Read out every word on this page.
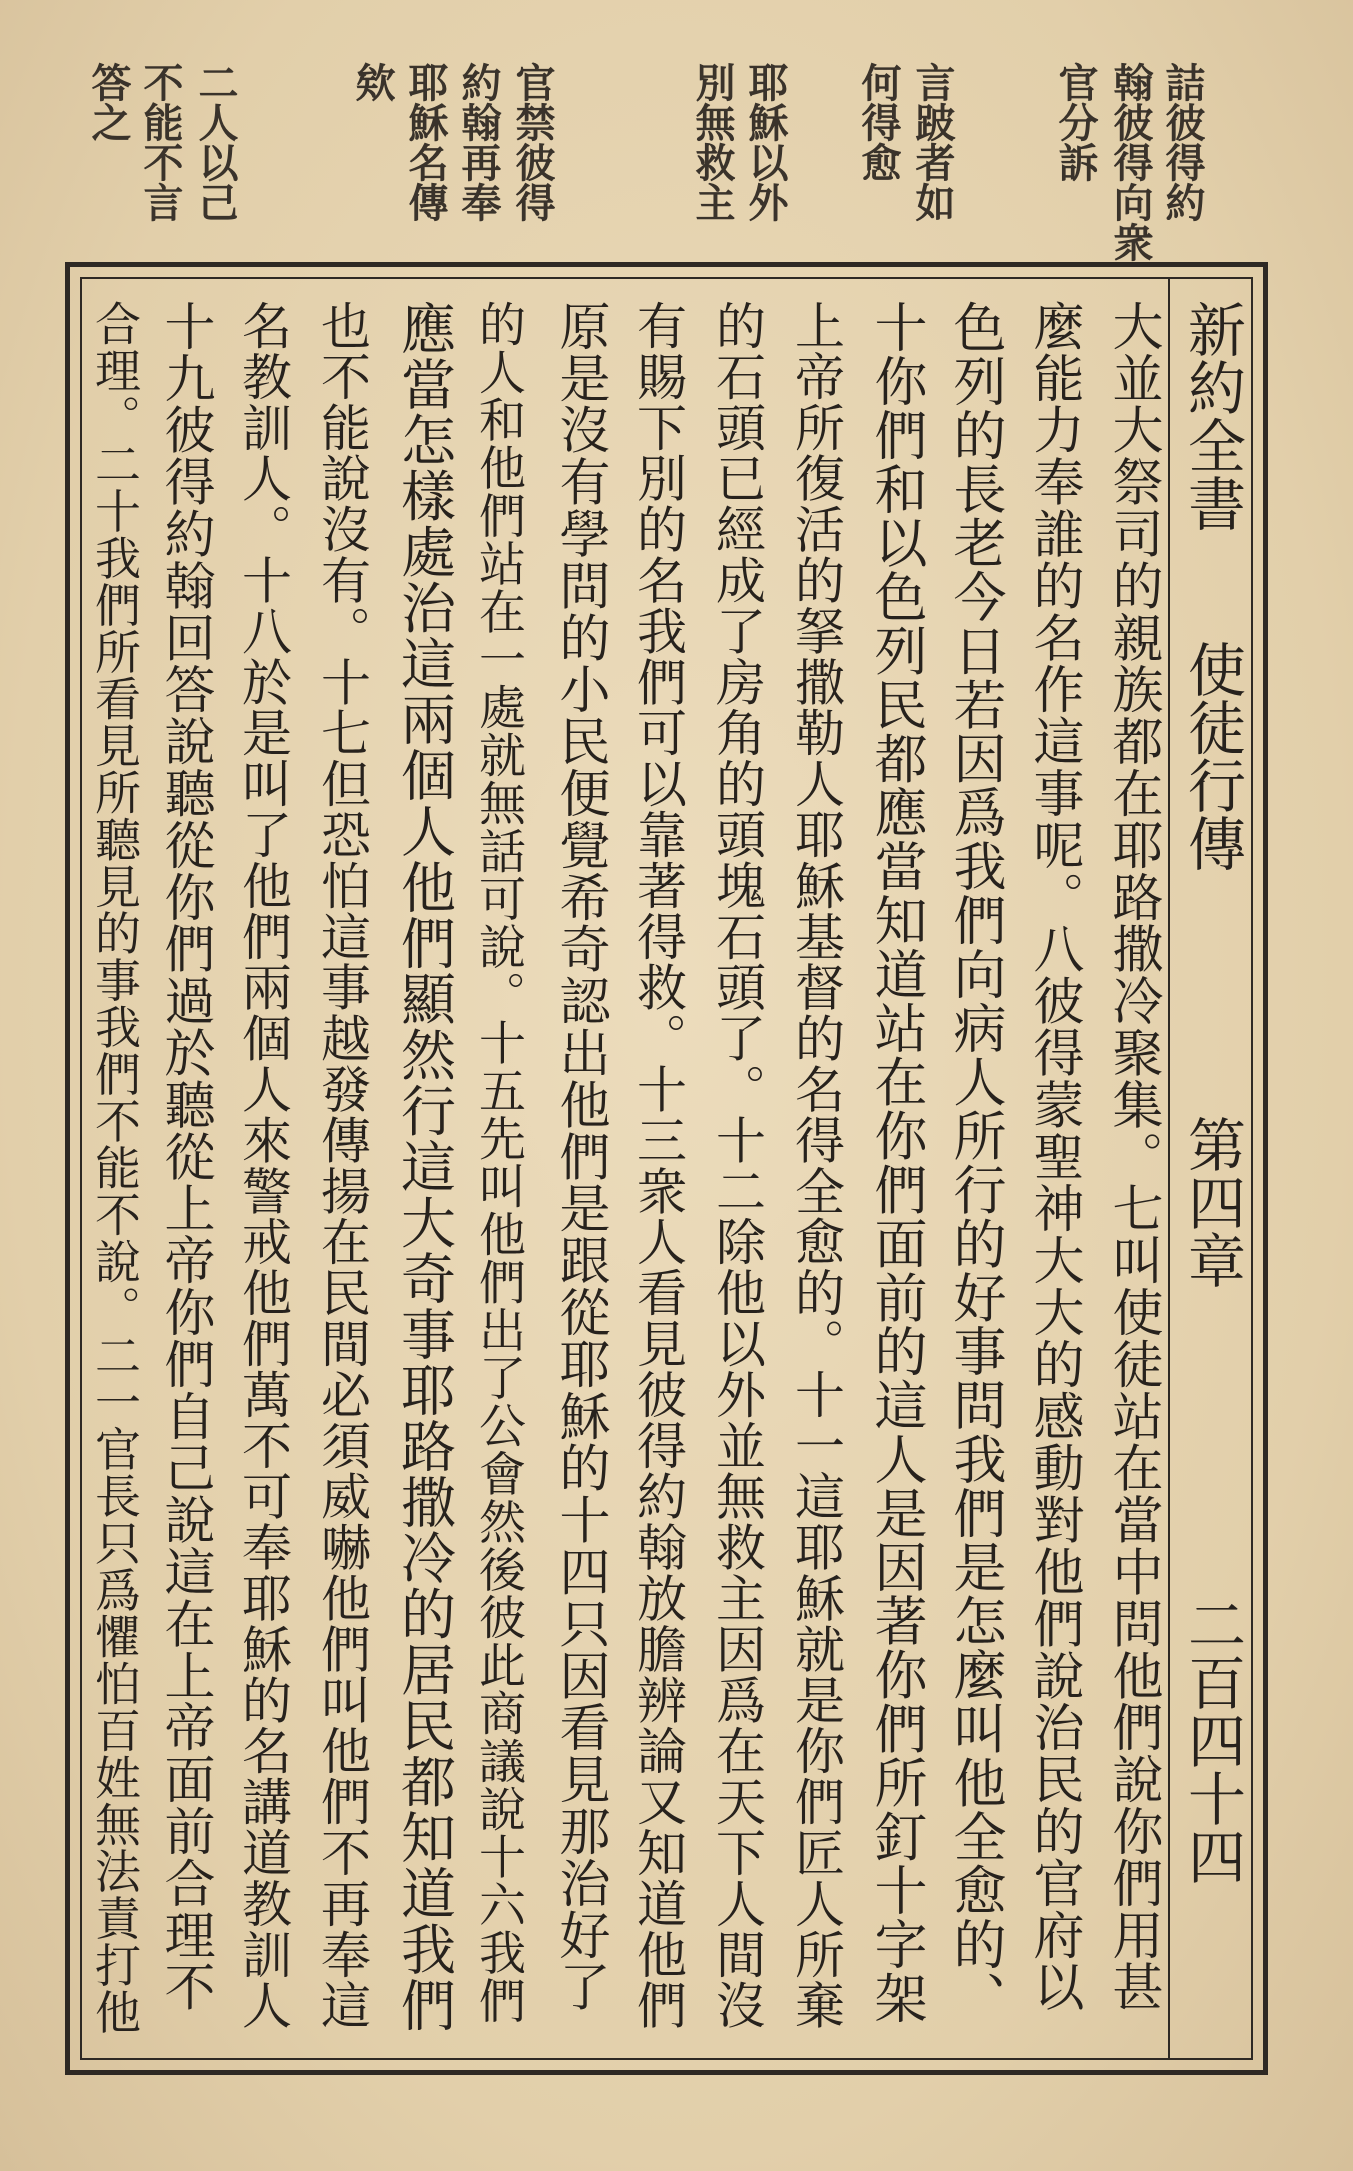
詰彼得約
翰彼得向衆
官分訴
言跛者如
何得愈
耶穌以外
別無救主
官禁彼得
約翰再奉
耶穌名傳
欸
二人以己
不能不言
答之
新約全書
使徒行傳
第四章
二百四十四
大並大祭司的親族都在耶路撒冷聚集。七叫使徒站在當中問他們說你們用甚
麼能力奉誰的名作這事呢。八彼得蒙聖神大大的感動對他們說治民的官府以
色列的長老今日若因爲我們向病人所行的好事問我們是怎麼叫他全愈的、
十你們和以色列民都應當知道站在你們面前的這人是因著你們所釘十字架
上帝所復活的拏撒勒人耶穌基督的名得全愈的。十一這耶穌就是你們匠人所棄
的石頭已經成了房角的頭塊石頭了。十二除他以外並無救主因爲在天下人間沒
有賜下別的名我們可以靠著得救。十三衆人看見彼得約翰放膽辨論又知道他們
原是沒有學問的小民便覺希奇認出他們是跟從耶穌的十四只因看見那治好了
的人和他們站在一處就無話可說。十五先叫他們出了公會然後彼此商議說十六我們
應當怎樣處治這兩個人他們顯然行這大奇事耶路撒冷的居民都知道我們
也不能說沒有。十七但恐怕這事越發傳揚在民間必須威嚇他們叫他們不再奉這
名教訓人。十八於是叫了他們兩個人來警戒他們萬不可奉耶穌的名講道教訓人
十九彼得約翰回答說聽從你們過於聽從上帝你們自己說這在上帝面前合理不
合理。二十我們所看見所聽見的事我們不能不說。二一官長只爲懼怕百姓無法責打他
